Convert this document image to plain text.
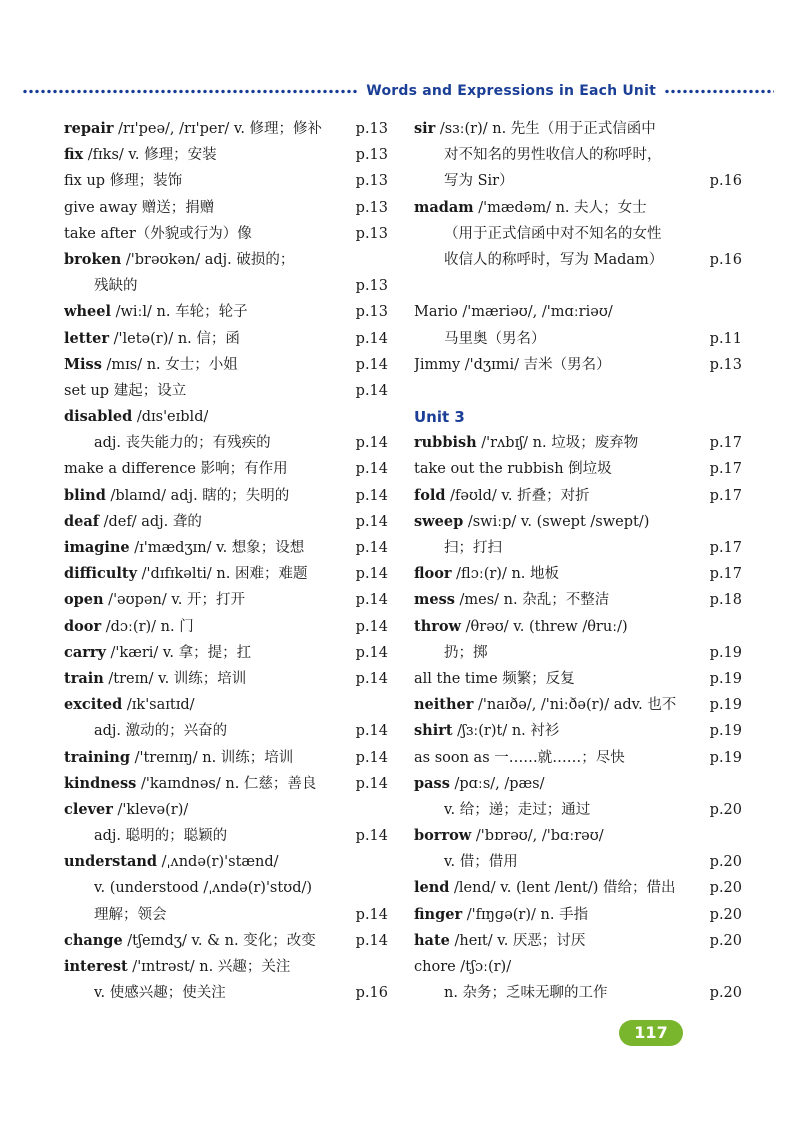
Words and Expressions in Each Unit
repair /rɪ'peə/, /rɪ'per/ v. 修理；修补 p.13
fix /fɪks/ v. 修理；安装	p.13
fix up 修理；装饰	p.13
give away 赠送；捐赠	p.13
take after（外貌或行为）像	p.13
broken /'brəʊkən/ adj. 破损的；
残缺的	p.13
wheel /wiːl/ n. 车轮；轮子	p.13
letter /'letə(r)/ n. 信；函	p.14
Miss /mɪs/ n. 女士；小姐	p.14
set up 建起；设立	p.14
disabled /dɪs'eɪbld/
adj. 丧失能力的；有残疾的	p.14
make a difference 影响；有作用	p.14
blind /blaɪnd/ adj. 瞎的；失明的	p.14
deaf /def/ adj. 聋的	p.14
imagine /ɪ'mædʒɪn/ v. 想象；设想	p.14
difficulty /'dɪfɪkəlti/ n. 困难；难题	p.14
open /'əʊpən/ v. 开；打开	p.14
door /dɔː(r)/ n. 门	p.14
carry /'kæri/ v. 拿；提；扛	p.14
train /treɪn/ v. 训练；培训	p.14
excited /ɪk'saɪtɪd/
adj. 激动的；兴奋的	p.14
training /'treɪnɪŋ/ n. 训练；培训	p.14
kindness /'kaɪndnəs/ n. 仁慈；善良	p.14
clever /'klevə(r)/
adj. 聪明的；聪颖的	p.14
understand /ˌʌndə(r)'stænd/
v. (understood /ˌʌndə(r)'stʊd/)
理解；领会	p.14
change /tʃeɪndʒ/ v. & n. 变化；改变	p.14
interest /'ɪntrəst/ n. 兴趣；关注
v. 使感兴趣；使关注	p.16
sir /sɜː(r)/ n. 先生（用于正式信函中
对不知名的男性收信人的称呼时，
写为 Sir）	p.16
madam /'mædəm/ n. 夫人；女士
（用于正式信函中对不知名的女性
收信人的称呼时，写为 Madam）	p.16
Mario /'mæriəʊ/, /'mɑːriəʊ/
马里奥（男名）	p.11
Jimmy /'dʒɪmi/ 吉米（男名）	p.13
Unit 3
rubbish /'rʌbɪʃ/ n. 垃圾；废弃物	p.17
take out the rubbish 倒垃圾	p.17
fold /fəʊld/ v. 折叠；对折	p.17
sweep /swiːp/ v. (swept /swept/)
扫；打扫	p.17
floor /flɔː(r)/ n. 地板	p.17
mess /mes/ n. 杂乱；不整洁	p.18
throw /θrəʊ/ v. (threw /θruː/)
扔；掷	p.19
all the time 频繁；反复	p.19
neither /'naɪðə/, /'niːðə(r)/ adv. 也不 p.19
shirt /ʃɜː(r)t/ n. 衬衫	p.19
as soon as 一……就……；尽快	p.19
pass /pɑːs/, /pæs/
v. 给；递；走过；通过	p.20
borrow /'bɒrəʊ/, /'bɑːrəʊ/
v. 借；借用	p.20
lend /lend/ v. (lent /lent/) 借给；借出 p.20
finger /'fɪŋɡə(r)/ n. 手指	p.20
hate /heɪt/ v. 厌恶；讨厌	p.20
chore /tʃɔː(r)/
n. 杂务；乏味无聊的工作	p.20
117
